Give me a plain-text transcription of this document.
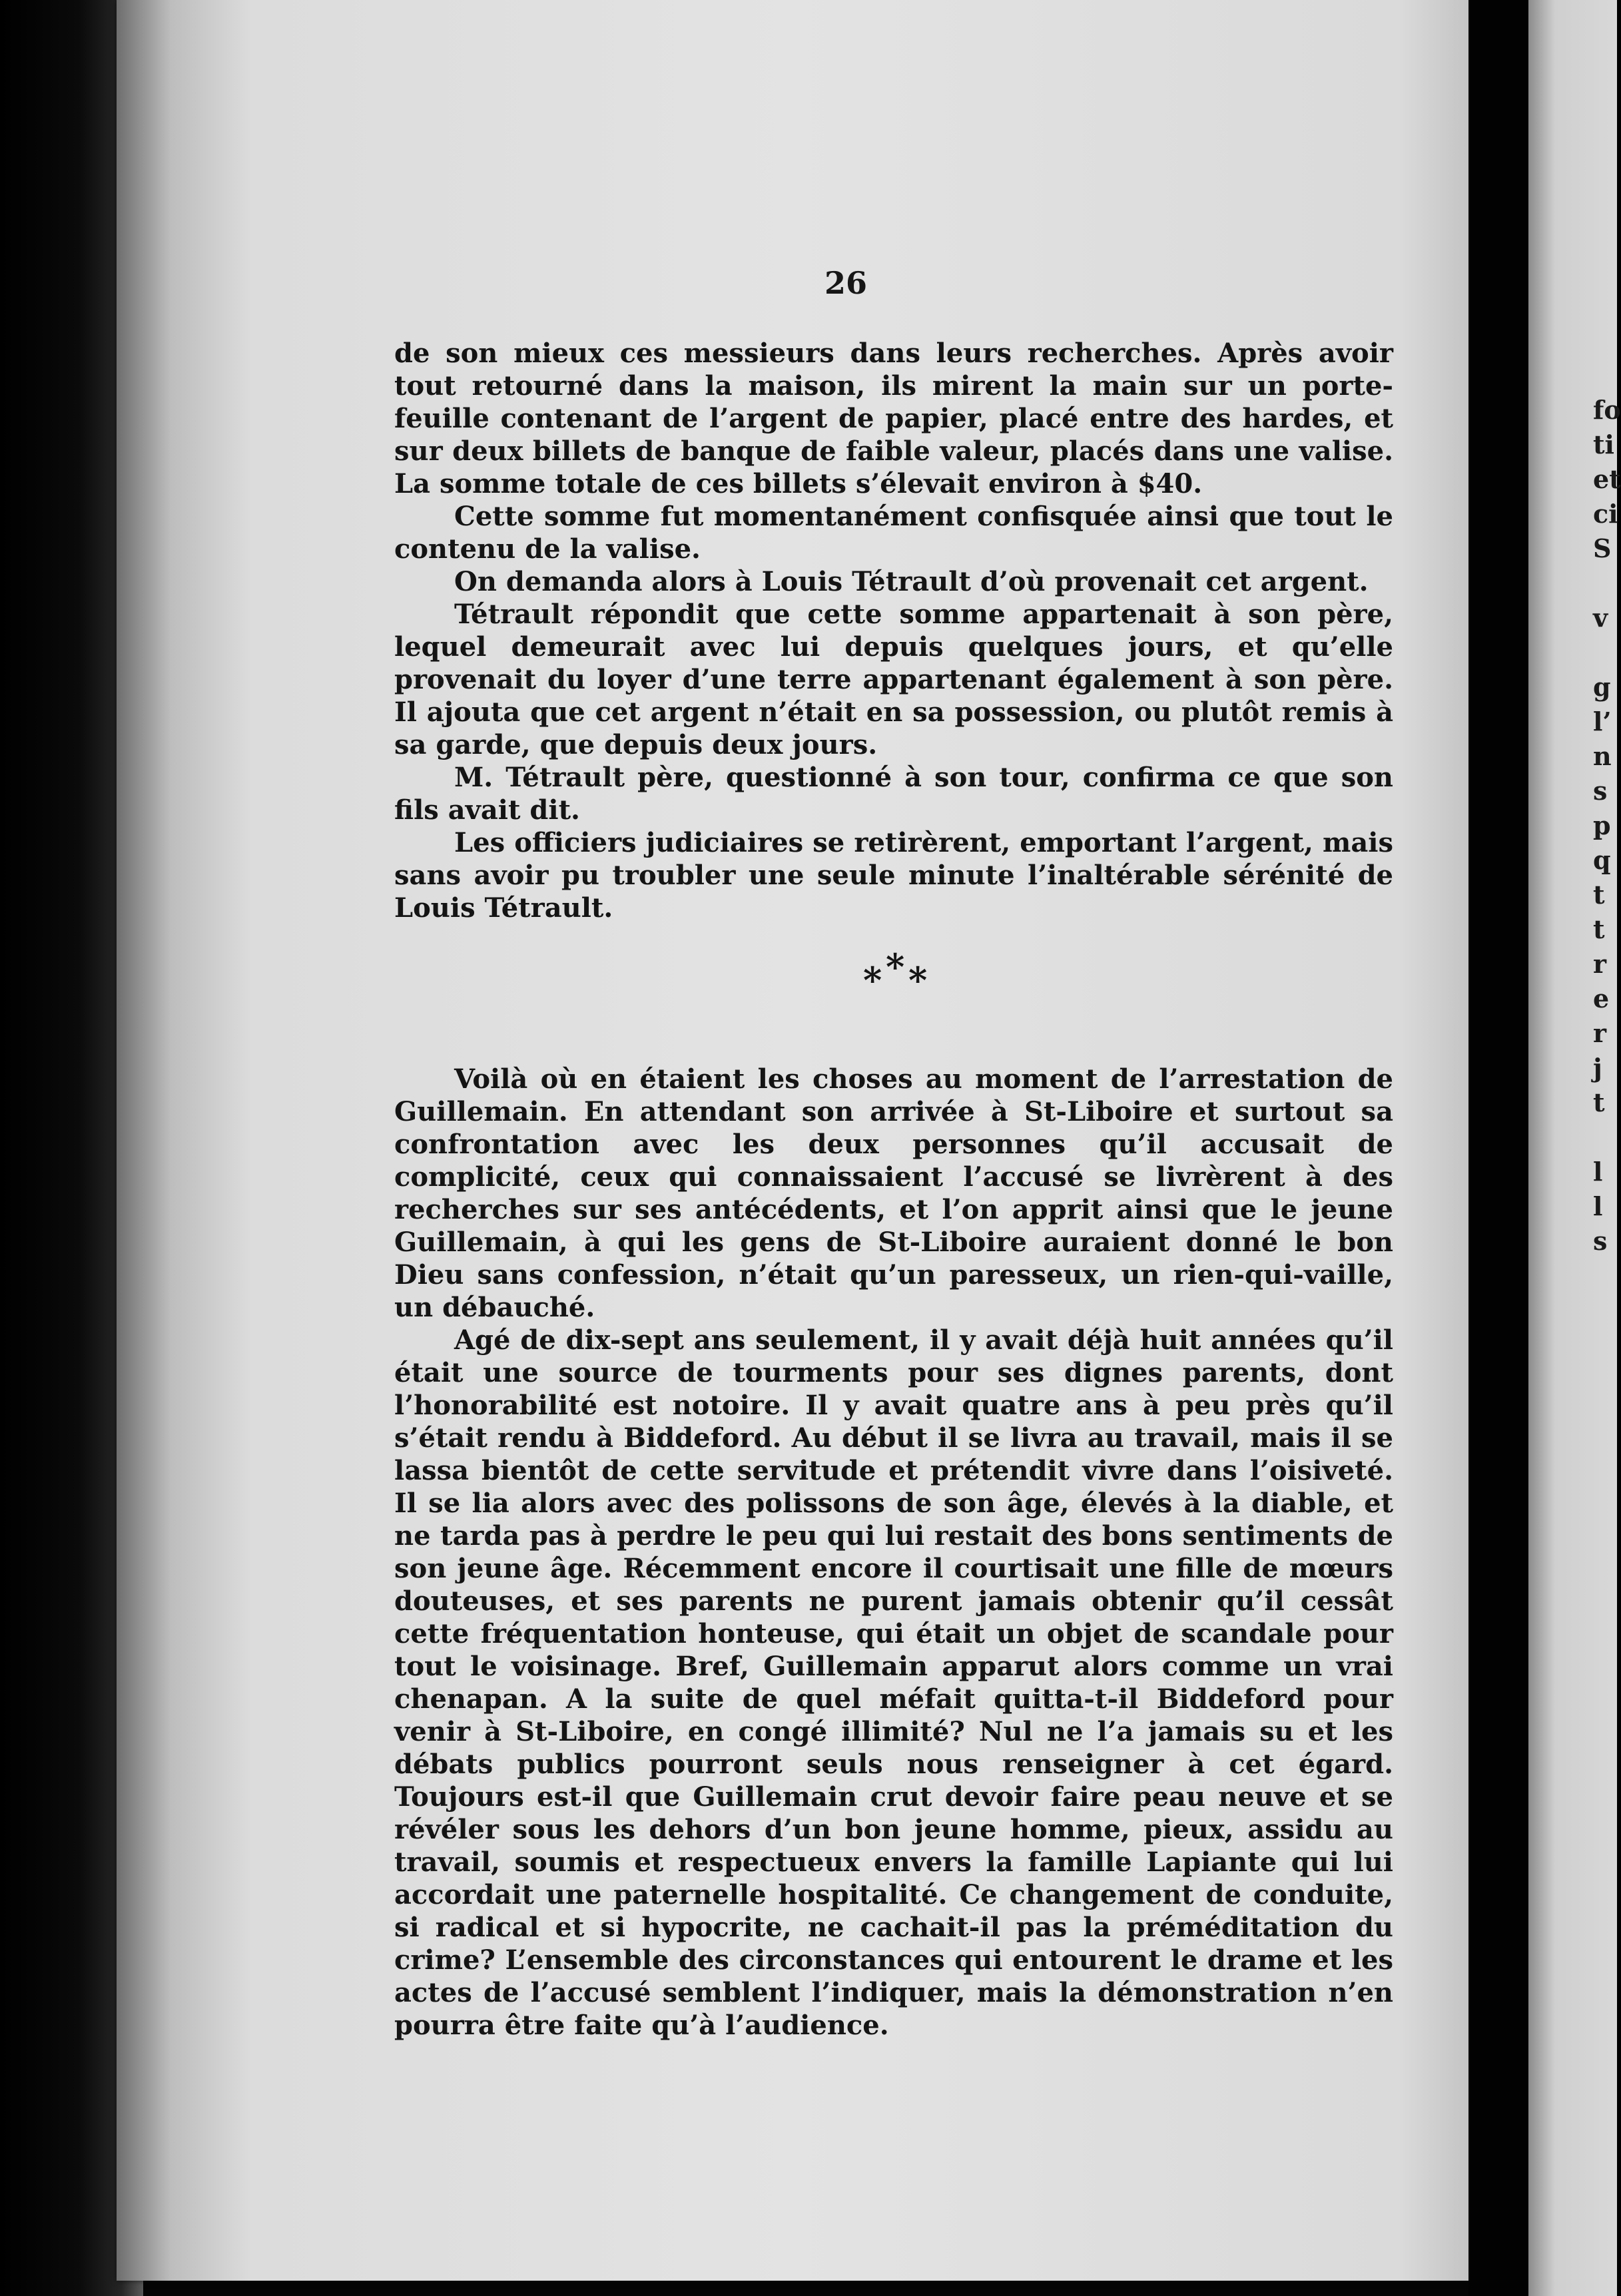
26

de son mieux ces messieurs dans leurs recherches. Après avoir tout retourné dans la maison, ils mirent la main sur un porte-feuille contenant de l’argent de papier, placé entre des hardes, et sur deux billets de banque de faible valeur, placés dans une valise. La somme totale de ces billets s’élevait environ à $40.

Cette somme fut momentanément confisquée ainsi que tout le contenu de la valise.

On demanda alors à Louis Tétrault d’où provenait cet argent.

Tétrault répondit que cette somme appartenait à son père, lequel demeurait avec lui depuis quelques jours, et qu’elle provenait du loyer d’une terre appartenant également à son père. Il ajouta que cet argent n’était en sa possession, ou plutôt remis à sa garde, que depuis deux jours.

M. Tétrault père, questionné à son tour, confirma ce que son fils avait dit.

Les officiers judiciaires se retirèrent, emportant l’argent, mais sans avoir pu troubler une seule minute l’inaltérable sérénité de Louis Tétrault.

* * *

Voilà où en étaient les choses au moment de l’arrestation de Guillemain. En attendant son arrivée à St-Liboire et surtout sa confrontation avec les deux personnes qu’il accusait de complicité, ceux qui connaissaient l’accusé se livrèrent à des recherches sur ses antécédents, et l’on apprit ainsi que le jeune Guillemain, à qui les gens de St-Liboire auraient donné le bon Dieu sans confession, n’était qu’un paresseux, un rien-qui-vaille, un débauché.

Agé de dix-sept ans seulement, il y avait déjà huit années qu’il était une source de tourments pour ses dignes parents, dont l’honorabilité est notoire. Il y avait quatre ans à peu près qu’il s’était rendu à Biddeford. Au début il se livra au travail, mais il se lassa bientôt de cette servitude et prétendit vivre dans l’oisiveté. Il se lia alors avec des polissons de son âge, élevés à la diable, et ne tarda pas à perdre le peu qui lui restait des bons sentiments de son jeune âge. Récemment encore il courtisait une fille de mœurs douteuses, et ses parents ne purent jamais obtenir qu’il cessât cette fréquentation honteuse, qui était un objet de scandale pour tout le voisinage. Bref, Guillemain apparut alors comme un vrai chenapan. A la suite de quel méfait quitta-t-il Biddeford pour venir à St-Liboire, en congé illimité? Nul ne l’a jamais su et les débats publics pourront seuls nous renseigner à cet égard. Toujours est-il que Guillemain crut devoir faire peau neuve et se révéler sous les dehors d’un bon jeune homme, pieux, assidu au travail, soumis et respectueux envers la famille Lapiante qui lui accordait une paternelle hospitalité. Ce changement de conduite, si radical et si hypocrite, ne cachait-il pas la préméditation du crime? L’ensemble des circonstances qui entourent le drame et les actes de l’accusé semblent l’indiquer, mais la démonstration n’en pourra être faite qu’à l’audience.

fo
ti
et
ci
S
v
g
l’
n
s
p
q
t
t
r
e
r
j
t
l
l
s
